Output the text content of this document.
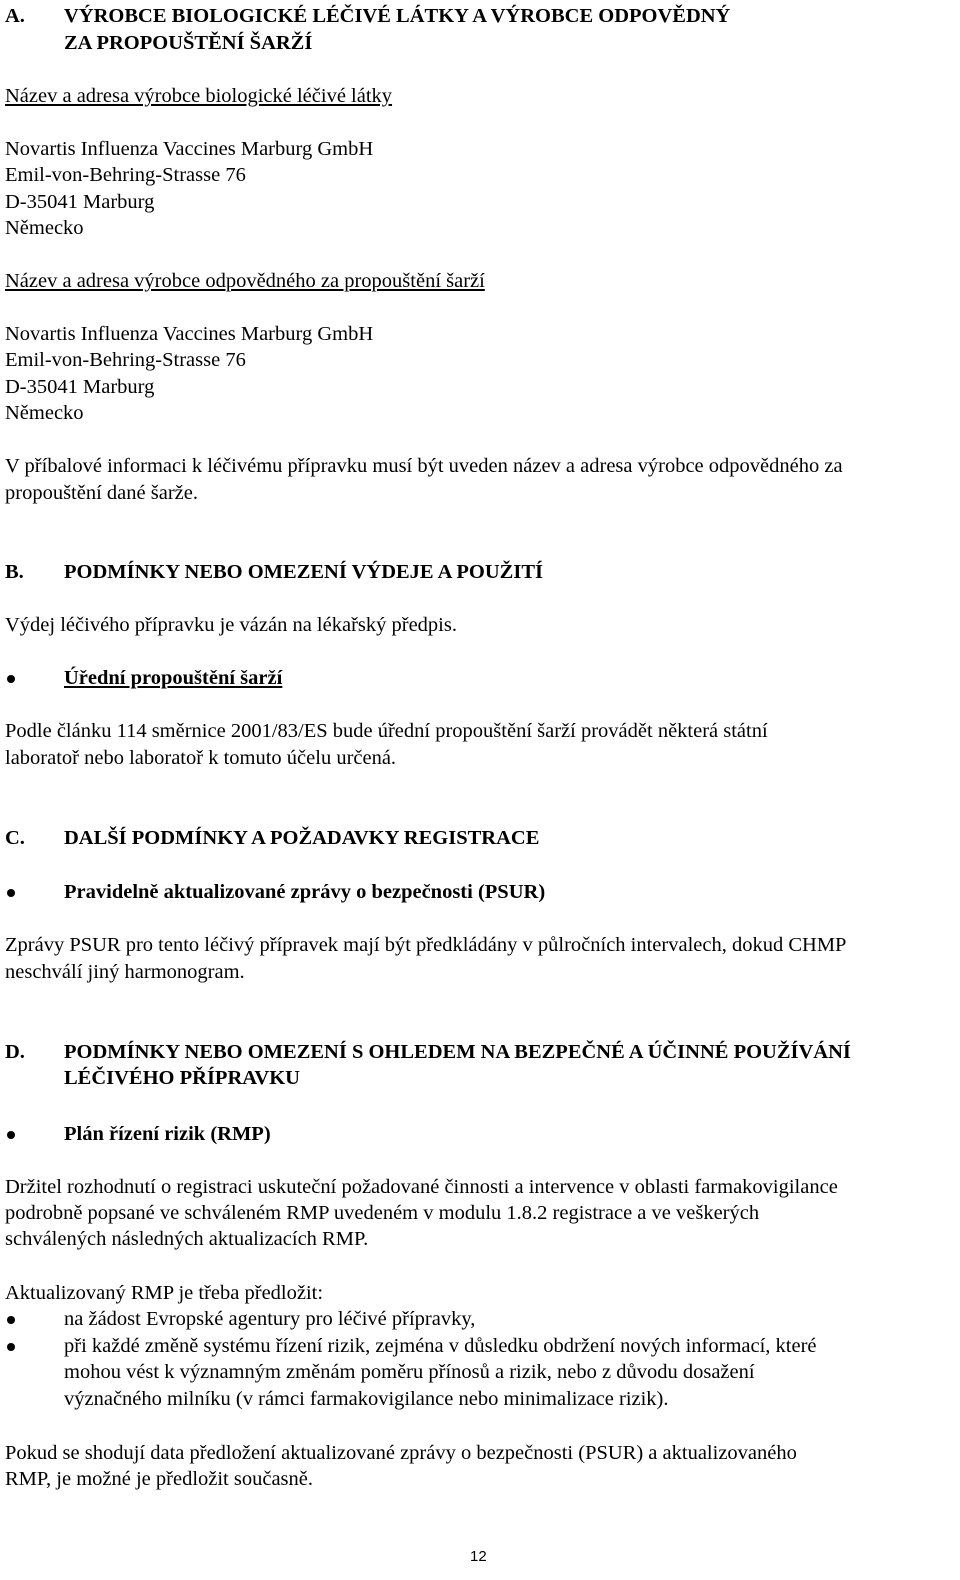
A. VÝROBCE BIOLOGICKÉ LÉČIVÉ LÁTKY A VÝROBCE ODPOVĚDNÝ
ZA PROPOUŠTĚNÍ ŠARŽÍ
Název a adresa výrobce biologické léčivé látky
Novartis Influenza Vaccines Marburg GmbH
Emil-von-Behring-Strasse 76
D-35041 Marburg
Německo
Název a adresa výrobce odpovědného za propouštění šarží
Novartis Influenza Vaccines Marburg GmbH
Emil-von-Behring-Strasse 76
D-35041 Marburg
Německo
V příbalové informaci k léčivému přípravku musí být uveden název a adresa výrobce odpovědného za
propouštění dané šarže.
B. PODMÍNKY NEBO OMEZENÍ VÝDEJE A POUŽITÍ
Výdej léčivého přípravku je vázán na lékařský předpis.
Úřední propouštění šarží
Podle článku 114 směrnice 2001/83/ES bude úřední propouštění šarží provádět některá státní
laboratoř nebo laboratoř k tomuto účelu určená.
C. DALŠÍ PODMÍNKY A POŽADAVKY REGISTRACE
Pravidelně aktualizované zprávy o bezpečnosti (PSUR)
Zprávy PSUR pro tento léčivý přípravek mají být předkládány v půlročních intervalech, dokud CHMP
neschválí jiný harmonogram.
D. PODMÍNKY NEBO OMEZENÍ S OHLEDEM NA BEZPEČNÉ A ÚČINNÉ POUŽÍVÁNÍ
LÉČIVÉHO PŘÍPRAVKU
Plán řízení rizik (RMP)
Držitel rozhodnutí o registraci uskuteční požadované činnosti a intervence v oblasti farmakovigilance
podrobně popsané ve schváleném RMP uvedeném v modulu 1.8.2 registrace a ve veškerých
schválených následných aktualizacích RMP.
Aktualizovaný RMP je třeba předložit:
na žádost Evropské agentury pro léčivé přípravky,
při každé změně systému řízení rizik, zejména v důsledku obdržení nových informací, které
mohou vést k významným změnám poměru přínosů a rizik, nebo z důvodu dosažení
význačného milníku (v rámci farmakovigilance nebo minimalizace rizik).
Pokud se shodují data předložení aktualizované zprávy o bezpečnosti (PSUR) a aktualizovaného
RMP, je možné je předložit současně.
12
